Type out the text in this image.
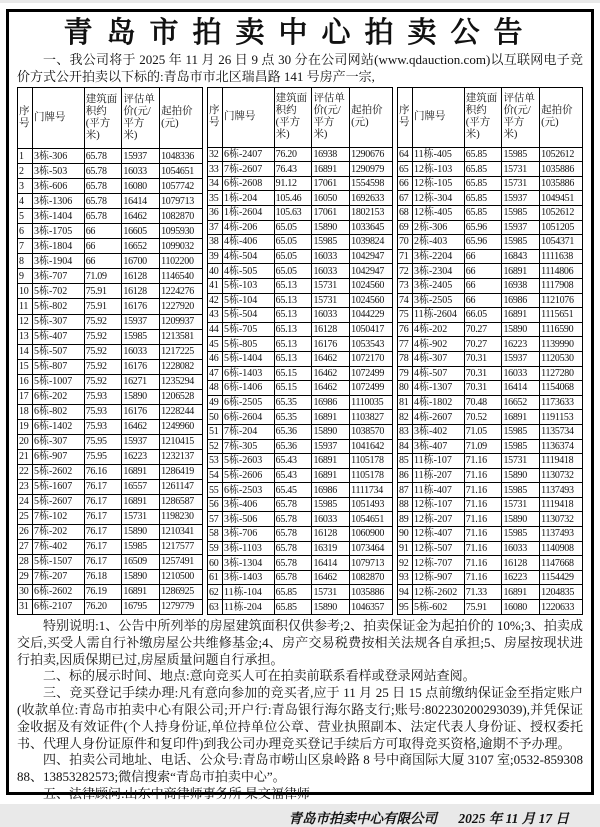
青岛市拍卖中心拍卖公告

一、我公司将于 2025 年 11 月 26 日 9 点 30 分在公司网站(www.qdauction.com)以互联网电子竞价方式公开拍卖以下标的:青岛市市北区瑞昌路 141 号房产一宗,

序号	门牌号	建筑面积约(平方米)	评估单价(元/平方米)	起拍价(元)
1	3栋-306	65.78	15937	1048336
2	3栋-503	65.78	16033	1054651
3	3栋-606	65.78	16080	1057742
4	3栋-1306	65.78	16414	1079713
5	3栋-1404	65.78	16462	1082870
6	3栋-1705	66	16605	1095930
7	3栋-1804	66	16652	1099032
8	3栋-1904	66	16700	1102200
9	3栋-707	71.09	16128	1146540
10	5栋-702	75.91	16128	1224276
11	5栋-802	75.91	16176	1227920
12	5栋-307	75.92	15937	1209937
13	5栋-407	75.92	15985	1213581
14	5栋-507	75.92	16033	1217225
15	5栋-807	75.92	16176	1228082
16	5栋-1007	75.92	16271	1235294
17	6栋-202	75.93	15890	1206528
18	6栋-802	75.93	16176	1228244
19	6栋-1402	75.93	16462	1249960
20	6栋-307	75.95	15937	1210415
21	6栋-907	75.95	16223	1232137
22	5栋-2602	76.16	16891	1286419
23	5栋-1607	76.17	16557	1261147
24	5栋-2607	76.17	16891	1286587
25	7栋-102	76.17	15731	1198230
26	7栋-202	76.17	15890	1210341
27	7栋-402	76.17	15985	1217577
28	5栋-1507	76.17	16509	1257491
29	7栋-207	76.18	15890	1210500
30	6栋-2602	76.19	16891	1286925
31	6栋-2107	76.20	16795	1279779
序号	门牌号	建筑面积约(平方米)	评估单价(元/平方米)	起拍价(元)
32	6栋-2407	76.20	16938	1290676
33	7栋-2607	76.43	16891	1290979
34	6栋-2608	91.12	17061	1554598
35	1栋-204	105.46	16050	1692633
36	1栋-2604	105.63	17061	1802153
37	4栋-206	65.05	15890	1033645
38	4栋-406	65.05	15985	1039824
39	4栋-504	65.05	16033	1042947
40	4栋-505	65.05	16033	1042947
41	5栋-103	65.13	15731	1024560
42	5栋-104	65.13	15731	1024560
43	5栋-504	65.13	16033	1044229
44	5栋-705	65.13	16128	1050417
45	5栋-805	65.13	16176	1053543
46	5栋-1404	65.13	16462	1072170
47	6栋-1403	65.15	16462	1072499
48	6栋-1406	65.15	16462	1072499
49	6栋-2505	65.35	16986	1110035
50	6栋-2604	65.35	16891	1103827
51	7栋-204	65.36	15890	1038570
52	7栋-305	65.36	15937	1041642
53	5栋-2603	65.43	16891	1105178
54	5栋-2606	65.43	16891	1105178
55	6栋-2503	65.45	16986	1111734
56	3栋-406	65.78	15985	1051493
57	3栋-506	65.78	16033	1054651
58	3栋-706	65.78	16128	1060900
59	3栋-1103	65.78	16319	1073464
60	3栋-1304	65.78	16414	1079713
61	3栋-1403	65.78	16462	1082870
62	11栋-104	65.85	15731	1035886
63	11栋-204	65.85	15890	1046357
序号	门牌号	建筑面积约(平方米)	评估单价(元/平方米)	起拍价(元)
64	11栋-405	65.85	15985	1052612
65	12栋-103	65.85	15731	1035886
66	12栋-105	65.85	15731	1035886
67	12栋-304	65.85	15937	1049451
68	12栋-405	65.85	15985	1052612
69	2栋-306	65.96	15937	1051205
70	2栋-403	65.96	15985	1054371
71	3栋-2204	66	16843	1111638
72	3栋-2304	66	16891	1114806
73	3栋-2405	66	16938	1117908
74	3栋-2505	66	16986	1121076
75	11栋-2604	66.05	16891	1115651
76	4栋-202	70.27	15890	1116590
77	4栋-902	70.27	16223	1139990
78	4栋-307	70.31	15937	1120530
79	4栋-507	70.31	16033	1127280
80	4栋-1307	70.31	16414	1154068
81	4栋-1802	70.48	16652	1173633
82	4栋-2607	70.52	16891	1191153
83	3栋-402	71.05	15985	1135734
84	3栋-407	71.09	15985	1136374
85	11栋-107	71.16	15731	1119418
86	11栋-207	71.16	15890	1130732
87	11栋-407	71.16	15985	1137493
88	12栋-107	71.16	15731	1119418
89	12栋-207	71.16	15890	1130732
90	12栋-407	71.16	15985	1137493
91	12栋-507	71.16	16033	1140908
92	12栋-707	71.16	16128	1147668
93	12栋-907	71.16	16223	1154429
94	12栋-2602	71.33	16891	1204835
95	5栋-602	75.91	16080	1220633

特别说明:1、公告中所列举的房屋建筑面积仅供参考;2、拍卖保证金为起拍价的 10%;3、拍卖成交后,买受人需自行补缴房屋公共维修基金;4、房产交易税费按相关法规各自承担;5、房屋按现状进行拍卖,因质保期已过,房屋质量问题自行承担。

二、标的展示时间、地点:意向竞买人可在拍卖前联系看样或登录网站查阅。

三、竞买登记手续办理:凡有意向参加的竞买者,应于 11 月 25 日 15 点前缴纳保证金至指定账户(收款单位:青岛市拍卖中心有限公司;开户行:青岛银行海尔路支行;账号:802230200293039),并凭保证金收据及有效证件(个人持身份证,单位持单位公章、营业执照副本、法定代表人身份证、授权委托书、代理人身份证原件和复印件)到我公司办理竞买登记手续后方可取得竞买资格,逾期不予办理。

四、拍卖公司地址、电话、公众号:青岛市崂山区泉岭路 8 号中商国际大厦 3107 室;0532-85930888、13853282573;微信搜索“青岛市拍卖中心”。

五、法律顾问:山东中商律师事务所 杲文福律师

青岛市拍卖中心有限公司 2025 年 11 月 17 日
